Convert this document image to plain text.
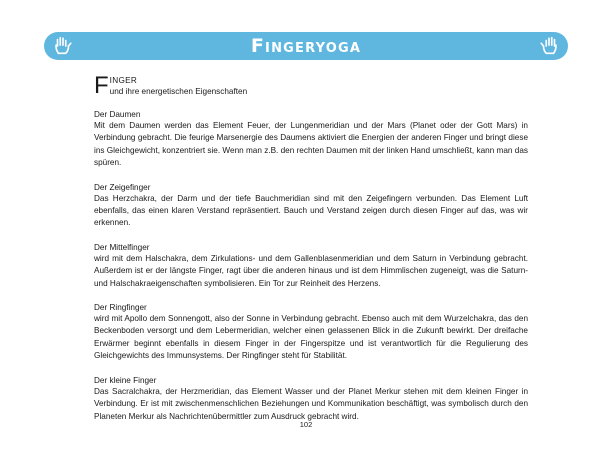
Fingeryoga
F INGER
und ihre energetischen Eigenschaften
Der Daumen
Mit dem Daumen werden das Element Feuer, der Lungenmeridian und der Mars (Planet oder der Gott Mars) in Verbindung gebracht. Die feurige Marsenergie des Daumens aktiviert die Energien der anderen Finger und bringt diese ins Gleichgewicht, konzentriert sie. Wenn man z.B. den rechten Daumen mit der linken Hand umschließt, kann man das spüren.
Der Zeigefinger
Das Herzchakra, der Darm und der tiefe Bauchmeridian sind mit den Zeigefingern verbunden. Das Element Luft ebenfalls, das einen klaren Verstand repräsentiert. Bauch und Verstand zeigen durch diesen Finger auf das, was wir erkennen.
Der Mittelfinger
wird mit dem Halschakra, dem Zirkulations- und dem Gallenblasenmeridian und dem Saturn in Verbindung gebracht. Außerdem ist er der längste Finger, ragt über die anderen hinaus und ist dem Himmlischen zugeneigt, was die Saturn- und Halschakraeigenschaften symbolisieren. Ein Tor zur Reinheit des Herzens.
Der Ringfinger
wird mit Apollo dem Sonnengott, also der Sonne in Verbindung gebracht. Ebenso auch mit dem Wurzelchakra, das den Beckenboden versorgt und dem Lebermeridian, welcher einen gelassenen Blick in die Zukunft bewirkt. Der dreifache Erwärmer beginnt ebenfalls in diesem Finger in der Fingerspitze und ist verantwortlich für die Regulierung des Gleichgewichts des Immunsystems. Der Ringfinger steht für Stabilität.
Der kleine Finger
Das Sacralchakra, der Herzmeridian, das Element Wasser und der Planet Merkur stehen mit dem kleinen Finger in Verbindung. Er ist mit zwischenmenschlichen Beziehungen und Kommunikation beschäftigt, was symbolisch durch den Planeten Merkur als Nachrichtenübermittler zum Ausdruck gebracht wird.
102
